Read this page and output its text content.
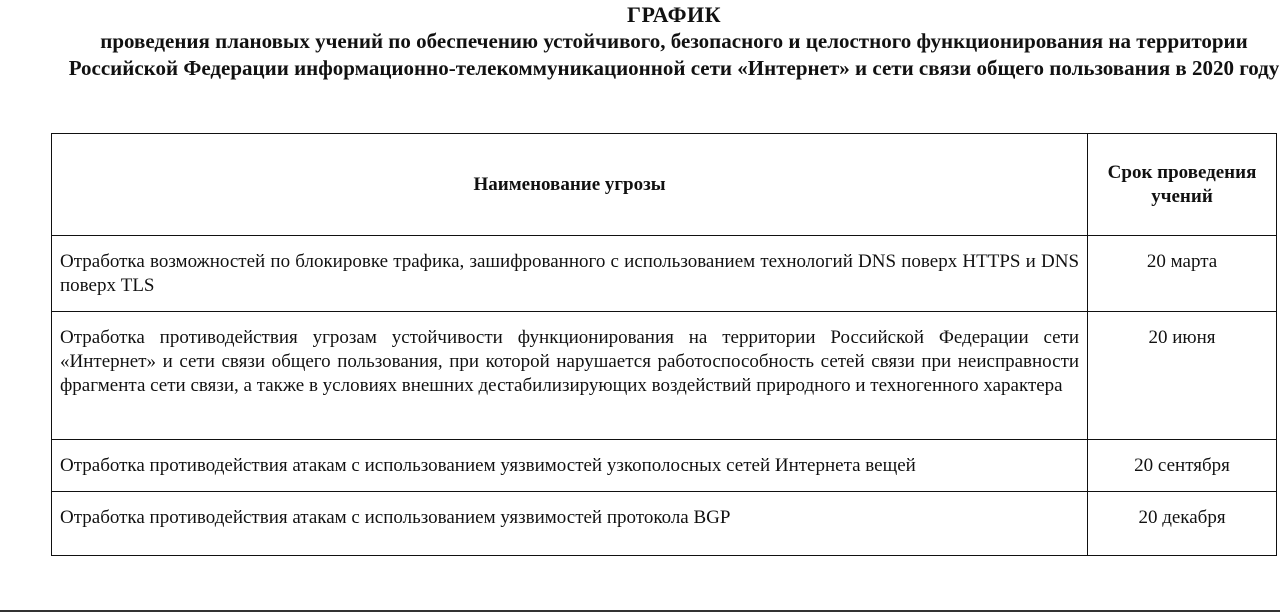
ГРАФИК
проведения плановых учений по обеспечению устойчивого, безопасного и целостного функционирования на территории Российской Федерации информационно-телекоммуникационной сети «Интернет» и сети связи общего пользования в 2020 году
Наименование угрозы	Срок проведения учений
Отработка возможностей по блокировке трафика, зашифрованного с использованием технологий DNS поверх HTTPS и DNS поверх TLS	20 марта
Отработка противодействия угрозам устойчивости функционирования на территории Российской Федерации сети «Интернет» и сети связи общего пользования, при которой нарушается работоспособность сетей связи при неисправности фрагмента сети связи, а также в условиях внешних дестабилизирующих воздействий природного и техногенного характера	20 июня
Отработка противодействия атакам с использованием уязвимостей узкополосных сетей Интернета вещей	20 сентября
Отработка противодействия атакам с использованием уязвимостей протокола BGP	20 декабря
